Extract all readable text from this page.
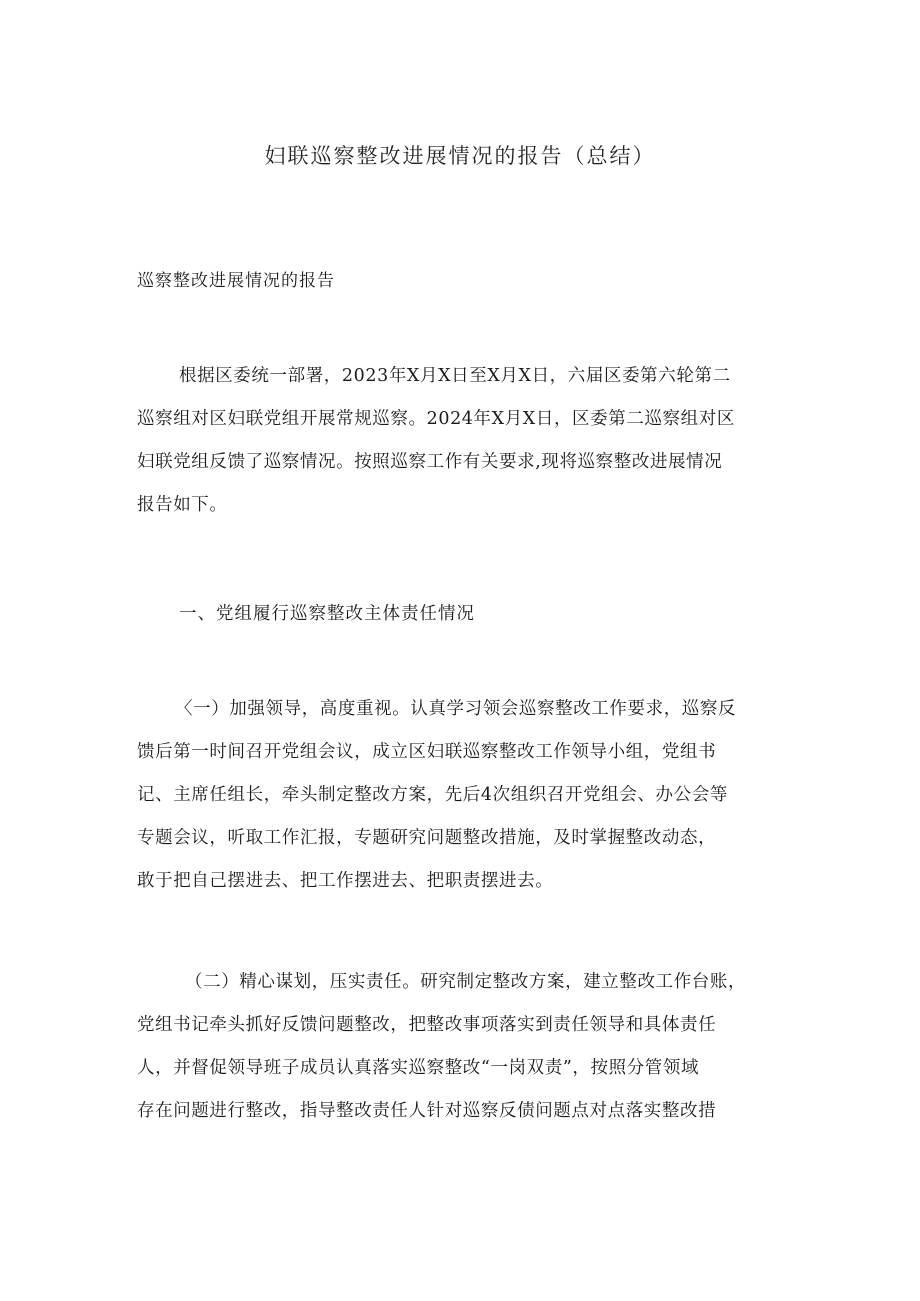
妇联巡察整改进展情况的报告（总结）
巡察整改进展情况的报告
根据区委统一部署，2023年X月X日至X月X日，六届区委第六轮第二
巡察组对区妇联党组开展常规巡察。2024年X月X日，区委第二巡察组对区
妇联党组反馈了巡察情况。按照巡察工作有关要求,现将巡察整改进展情况
报告如下。
一、党组履行巡察整改主体责任情况
〈一）加强领导，高度重视。认真学习领会巡察整改工作要求，巡察反
馈后第一时间召开党组会议，成立区妇联巡察整改工作领导小组，党组书
记、主席任组长，牵头制定整改方案，先后4次组织召开党组会、办公会等
专题会议，听取工作汇报，专题研究问题整改措施，及时掌握整改动态，
敢于把自己摆进去、把工作摆进去、把职责摆进去。
（二）精心谋划，压实责任。研究制定整改方案，建立整改工作台账，
党组书记牵头抓好反馈问题整改，把整改事项落实到责任领导和具体责任
人，并督促领导班子成员认真落实巡察整改“一岗双责”，按照分管领域
存在问题进行整改，指导整改责任人针对巡察反债问题点对点落实整改措
